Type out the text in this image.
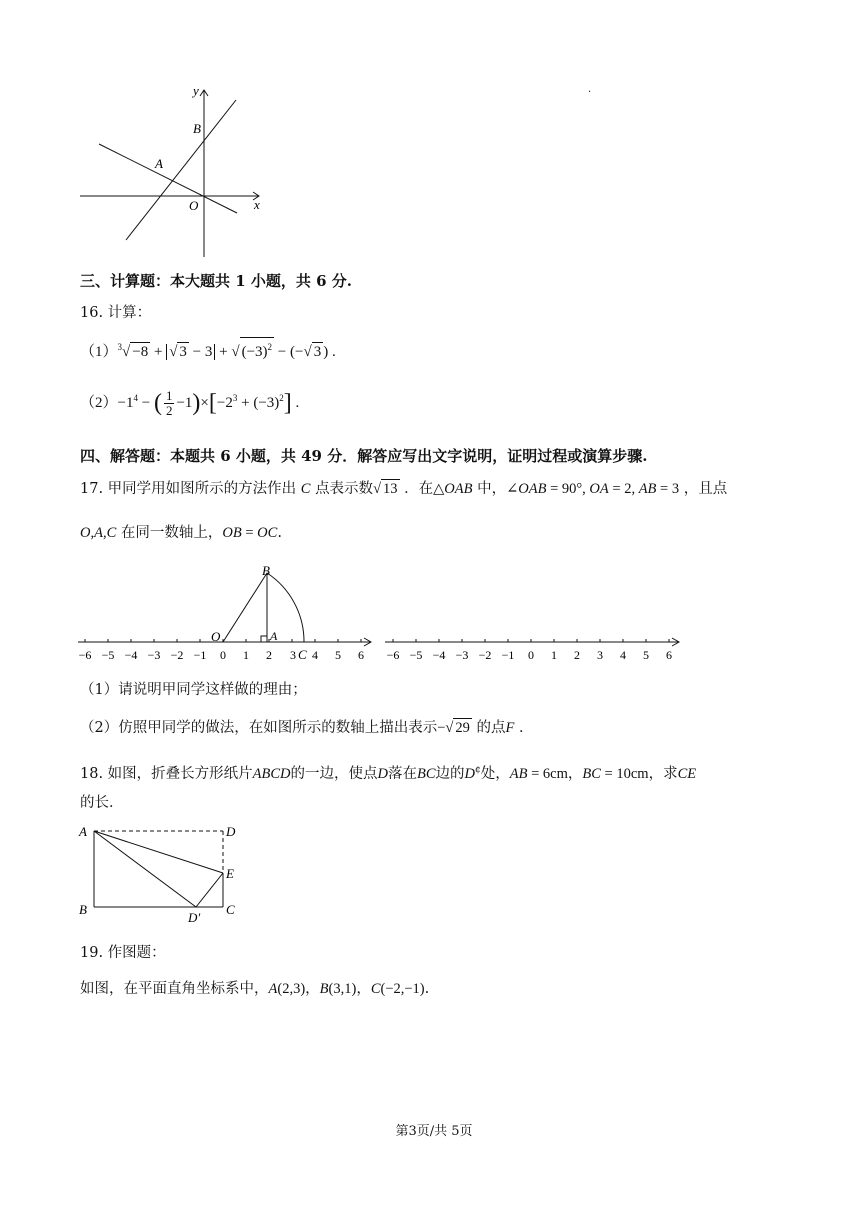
.
y
x
B
A
O
三、计算题：本大题共 1 小题，共 6 分.
16. 计算：
$(1)^3√ -8$ + √ 3 − 3 + √ $(-3)^2$ − (−√ 3 ) .
$(2)-1^4$ − ( $\frac{1}{2} -1)\times[-2^3 + (-3)^2]$ .
四、解答题：本题共 6 小题，共 49 分．解答应写出文字说明，证明过程或演算步骤.
17. 甲同学用如图所示的方法作出 C 点表示数√ 13 ．在△OAB 中，∠OAB = 90°, OA = 2, AB = 3 ，且点
O,A,C 在同一数轴上，OB = OC.
−6 −5 −4 −3 −2 −1 0 1 2	4 5 6
3	−6 −5 −4 −3 −2 −1 0 1 2 3 4 5 6
B
O	A
C
（1）请说明甲同学这样做的理由；
（2）仿照甲同学的做法，在如图所示的数轴上描出表示−√ 29 的点F ．
18. 如图，折叠长方形纸片ABCD的一边，使点D落在BC边的D¢处，AB = 6cm，BC = 10cm，求CE
的长．
A	D
E
B
D′
C
19. 作图题：
如图，在平面直角坐标系中，A(2,3)，B(3,1)，C(−2,−1).
第3页/共 5页
